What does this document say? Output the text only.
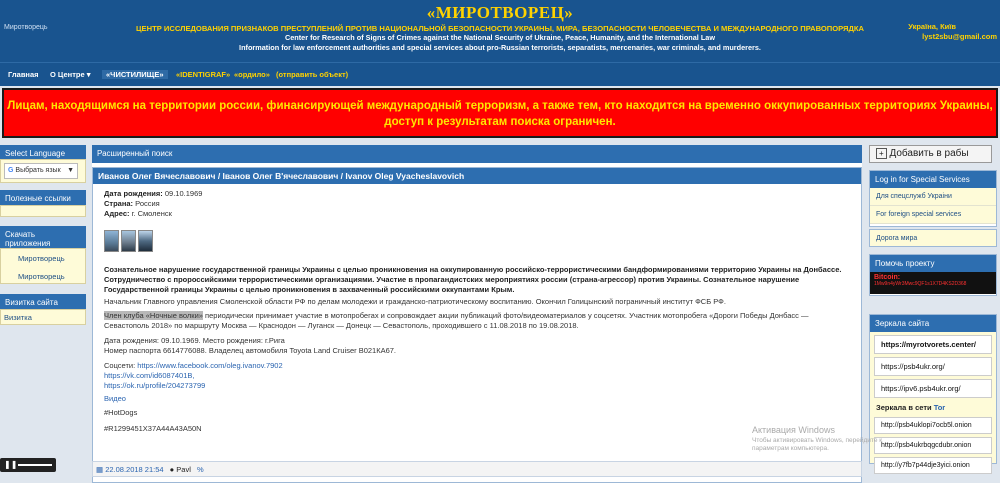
Миротворець
«МИРОТВОРЕЦ»
ЦЕНТР ИССЛЕДОВАНИЯ ПРИЗНАКОВ ПРЕСТУПЛЕНИЙ ПРОТИВ НАЦИОНАЛЬНОЙ БЕЗОПАСНОСТИ УКРАИНЫ, МИРА, БЕЗОПАСНОСТИ ЧЕЛОВЕЧЕСТВА И МЕЖДУНАРОДНОГО ПРАВОПОРЯДКА
Center for Research of Signs of Crimes against the National Security of Ukraine, Peace, Humanity, and the International Law
Information for law enforcement authorities and special services about pro-Russian terrorists, separatists, mercenaries, war criminals, and murderers.
Україна, Київ
lyst2sbu@gmail.com
Главная О Центре ▾	«ЧИСТИЛИЩЕ»	«IDENTIGRAF» «ордило» (отправить объект)
Лицам, находящимся на территории россии, финансирующей международный терроризм, а также тем, кто находится на временно оккупированных территориях Украины, доступ к результатам поиска ограничен.
Select Language
G Выбрать язык ▼
Полезные ссылки
Скачать приложения
Миротворець
Миротворець
Визитка сайта
Визитка
Расширенный поиск
Иванов Олег Вячеславович / Іванов Олег В'ячеславович / Ivanov Oleg Vyacheslavovich
Дата рождения: 09.10.1969
Страна: Россия
Адрес: г. Смоленск
Сознательное нарушение государственной границы Украины с целью проникновения на оккупированную российско-террористическими бандформированиями территорию Украины на Донбассе. Сотрудничество с пророссийскими террористическими организациями. Участие в пропагандистских мероприятиях россии (страна-агрессор) против Украины. Сознательное нарушение Государственной границы Украины с целью проникновения в захваченный российскими оккупантами Крым.
Начальник Главного управления Смоленской области РФ по делам молодежи и гражданско-патриотическому воспитанию. Окончил Голицынский пограничный институт ФСБ РФ.
Член клуба «Ночные волки» периодически принимает участие в мотопробегах и сопровождает акции публикаций фото/видеоматериалов у соцсетях. Участник мотопробега «Дороги Победы Донбасс — Севастополь 2018» по маршруту Москва — Краснодон — Луганск — Донецк — Севастополь, проходившего с 11.08.2018 по 19.08.2018.
Дата рождения: 09.10.1969. Место рождения: г.Рига
Номер паспорта 6614776088. Владелец автомобиля Toyota Land Cruiser В021КА67.
Соцсети: https://www.facebook.com/oleg.ivanov.7902
https://vk.com/id6087401B,
https://ok.ru/profile/204273799
Видео
#HotDogs
#R1299451X37A44A43A50N
▦ 22.08.2018 21:54 ● Pavl %
+ Добавить в рабы
Log in for Special Services
Для спецслужб Украіни
For foreign special services
Дорога мира
Помочь проекту
Bitcoin:
1Mw9n4yWr3Mwc9QF1s1X7D4KS2D368
Зеркала сайта
https://myrotvorets.center/
https://psb4ukr.org/
https://ipv6.psb4ukr.org/
Зеркала в сети Tor
http://psb4uklopi7ocb5l.onion
http://psb4ukrbqgcdubr.onion
http://y7fb7p44dje3yici.onion
Активация Windows
Чтобы активировать Windows, перейдите к параметрам компьютера.
❚❚
